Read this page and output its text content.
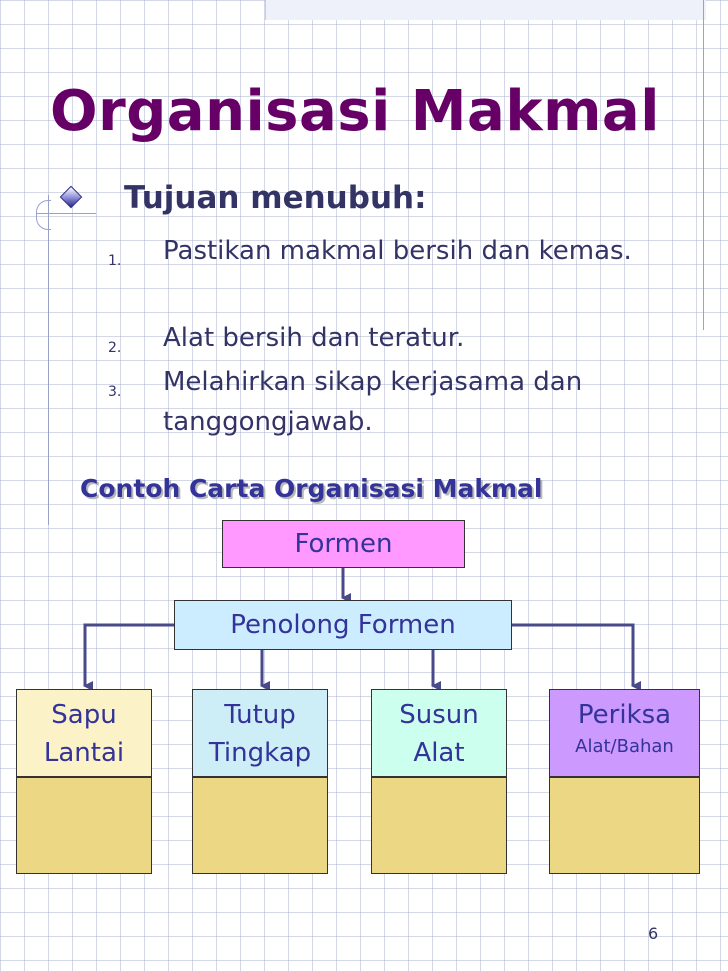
Organisasi Makmal
Tujuan menubuh:
1. Pastikan makmal bersih dan kemas.
2. Alat bersih dan teratur.
3. Melahirkan sikap kerjasama dan tanggongjawab.
Contoh Carta Organisasi Makmal
Formen
Penolong Formen
Sapu
Lantai
Tutup
Tingkap
Susun
Alat
Periksa
Alat/Bahan
6
